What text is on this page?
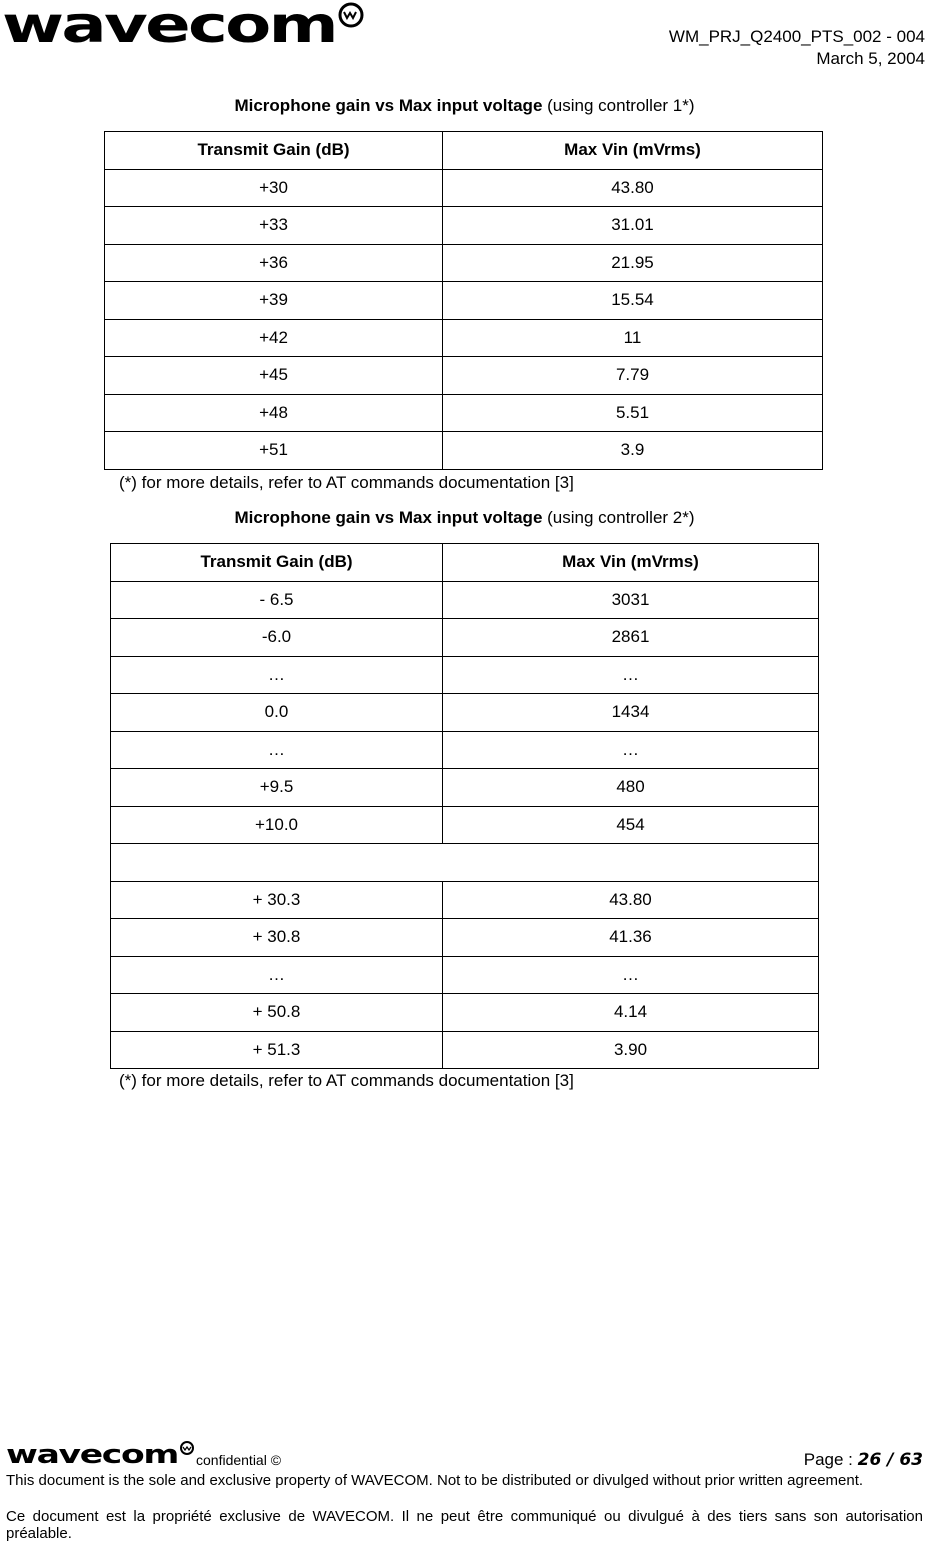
wavecom	WM_PRJ_Q2400_PTS_002 - 004
March 5, 2004
Microphone gain vs Max input voltage (using controller 1*)
Transmit Gain (dB)	Max Vin (mVrms)
+30	43.80
+33	31.01
+36	21.95
+39	15.54
+42	11
+45	7.79
+48	5.51
+51	3.9
(*) for more details, refer to AT commands documentation [3]
Microphone gain vs Max input voltage (using controller 2*)
Transmit Gain (dB)	Max Vin (mVrms)
- 6.5	3031
-6.0	2861
…	…
0.0	1434
…	…
+9.5	480
+10.0	454

+ 30.3	43.80
+ 30.8	41.36
…	…
+ 50.8	4.14
+ 51.3	3.90
(*) for more details, refer to AT commands documentation [3]
wavecom confidential ©	Page : 26 / 63
This document is the sole and exclusive property of WAVECOM. Not to be distributed or divulged without prior written agreement.
Ce document est la propriété exclusive de WAVECOM. Il ne peut être communiqué ou divulgué à des tiers sans son autorisation préalable.
